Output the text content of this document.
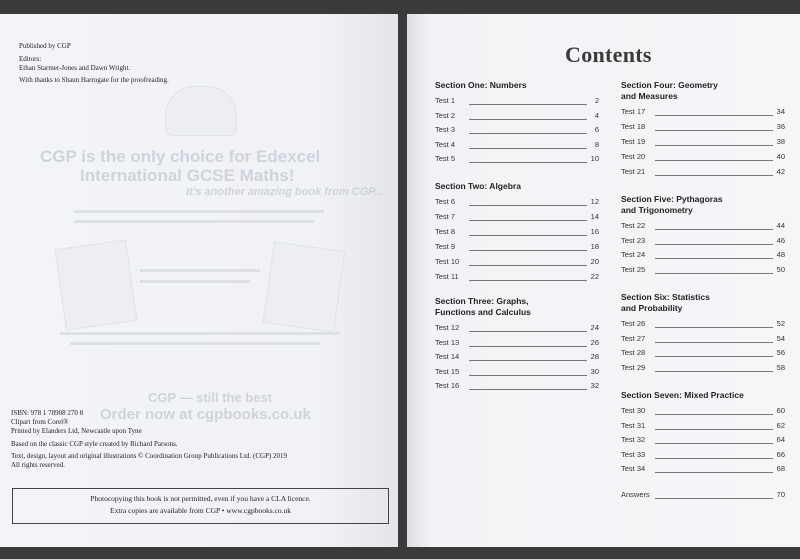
Published by CGP
Editors:
Ethan Starmer-Jones and Dawn Wright.
With thanks to Shaun Harrogate for the proofreading.
CGP is the only choice for Edexcel
International GCSE Maths!
It's another amazing book from CGP...
CGP — still the best
Order now at cgpbooks.co.uk
ISBN: 978 1 78908 270 8
Clipart from Corel®
Printed by Elanders Ltd, Newcastle upon Tyne
Based on the classic CGP style created by Richard Parsons.
Text, design, layout and original illustrations © Coordination Group Publications Ltd. (CGP) 2019
All rights reserved.
Photocopying this book is not permitted, even if you have a CLA licence.
Extra copies are available from CGP • www.cgpbooks.co.uk
Contents
Section One: Numbers
Test 1	2
Test 2	4
Test 3	6
Test 4	8
Test 5	10
Section Two: Algebra
Test 6	12
Test 7	14
Test 8	16
Test 9	18
Test 10	20
Test 11	22
Section Three: Graphs,
Functions and Calculus
Test 12	24
Test 13	26
Test 14	28
Test 15	30
Test 16	32
Section Four: Geometry
and Measures
Test 17	34
Test 18	36
Test 19	38
Test 20	40
Test 21	42
Section Five: Pythagoras
and Trigonometry
Test 22	44
Test 23	46
Test 24	48
Test 25	50
Section Six: Statistics
and Probability
Test 26	52
Test 27	54
Test 28	56
Test 29	58
Section Seven: Mixed Practice
Test 30	60
Test 31	62
Test 32	64
Test 33	66
Test 34	68
Answers	70
